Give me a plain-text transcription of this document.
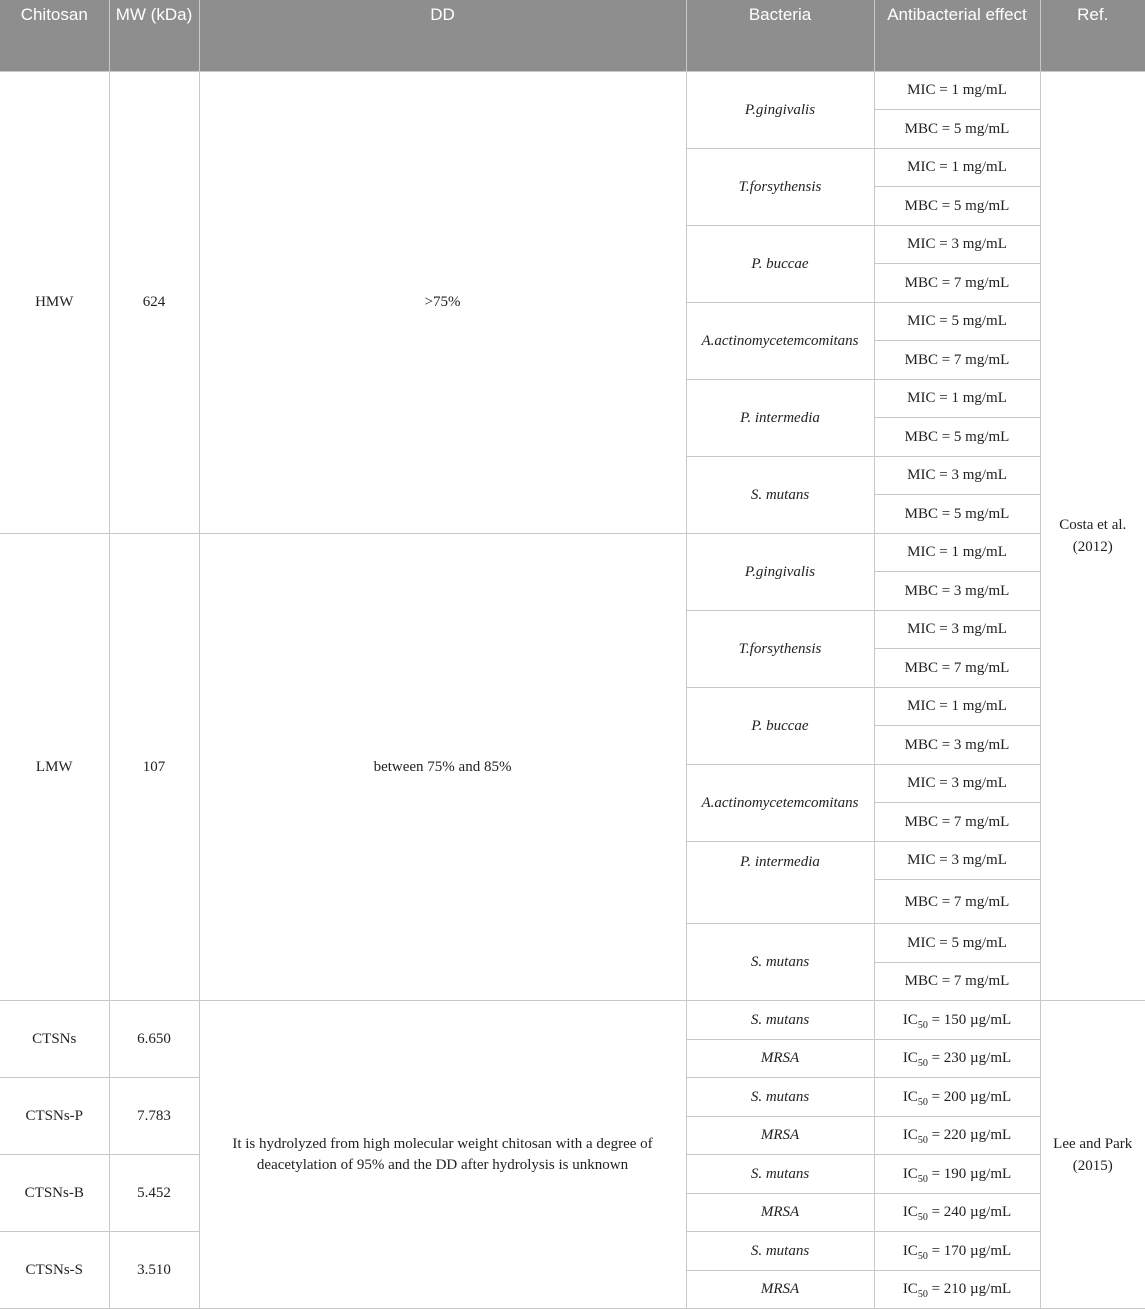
Chitosan	MW (kDa)	DD	Bacteria	Antibacterial effect	Ref.
HMW	624	>75%	P.gingivalis	MIC = 1 mg/mL	Costa et al. (2012)
				MBC = 5 mg/mL	
			T.forsythensis	MIC = 1 mg/mL	
				MBC = 5 mg/mL	
			P. buccae	MIC = 3 mg/mL	
				MBC = 7 mg/mL	
			A.actinomycetemcomitans	MIC = 5 mg/mL	
				MBC = 7 mg/mL	
			P. intermedia	MIC = 1 mg/mL	
				MBC = 5 mg/mL	
			S. mutans	MIC = 3 mg/mL	
				MBC = 5 mg/mL	
LMW	107	between 75% and 85%	P.gingivalis	MIC = 1 mg/mL	
				MBC = 3 mg/mL	
			T.forsythensis	MIC = 3 mg/mL	
				MBC = 7 mg/mL	
			P. buccae	MIC = 1 mg/mL	
				MBC = 3 mg/mL	
			A.actinomycetemcomitans	MIC = 3 mg/mL	
				MBC = 7 mg/mL	
			P. intermedia	MIC = 3 mg/mL	
				MBC = 7 mg/mL	
			S. mutans	MIC = 5 mg/mL	
				MBC = 7 mg/mL	
CTSNs	6.650	It is hydrolyzed from high molecular weight chitosan with a degree of deacetylation of 95% and the DD after hydrolysis is unknown	S. mutans	$IC_{50} = 150$ µg/mL	Lee and Park (2015)
			MRSA	$IC_{50} = 230$ µg/mL	
CTSNs-P	7.783		S. mutans	$IC_{50} = 200$ µg/mL	
			MRSA	$IC_{50} = 220$ µg/mL	
CTSNs-B	5.452		S. mutans	$IC_{50} = 190$ µg/mL	
			MRSA	$IC_{50} = 240$ µg/mL	
CTSNs-S	3.510		S. mutans	$IC_{50} = 170$ µg/mL	
			MRSA	$IC_{50} = 210$ µg/mL	
